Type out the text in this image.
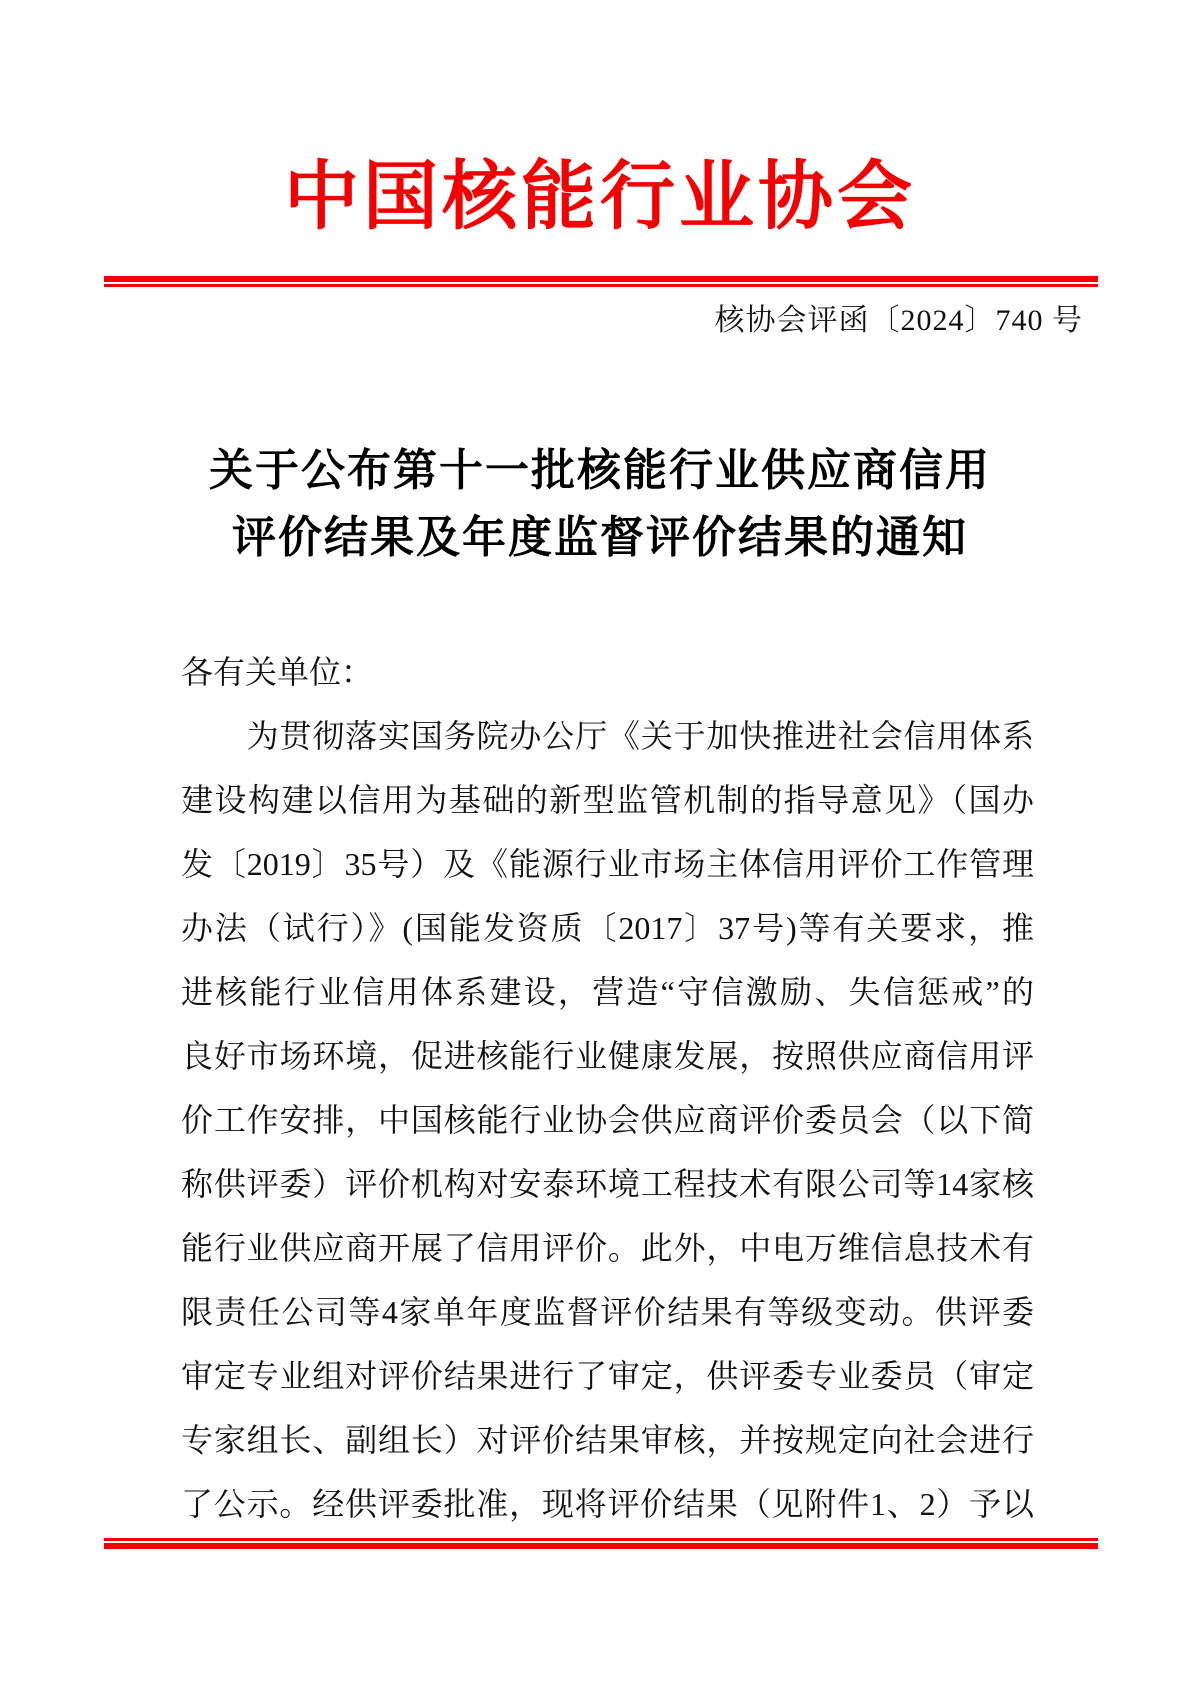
中国核能行业协会
核协会评函〔2024〕740 号
关于公布第十一批核能行业供应商信用
评价结果及年度监督评价结果的通知
各有关单位：
　　为贯彻落实国务院办公厅《关于加快推进社会信用体系
建设构建以信用为基础的新型监管机制的指导意见》（国办
发〔2019〕35号）及《能源行业市场主体信用评价工作管理
办法（试行）》(国能发资质〔2017〕37号)等有关要求，推
进核能行业信用体系建设，营造“守信激励、失信惩戒”的
良好市场环境，促进核能行业健康发展，按照供应商信用评
价工作安排，中国核能行业协会供应商评价委员会（以下简
称供评委）评价机构对安泰环境工程技术有限公司等14家核
能行业供应商开展了信用评价。此外，中电万维信息技术有
限责任公司等4家单年度监督评价结果有等级变动。供评委
审定专业组对评价结果进行了审定，供评委专业委员（审定
专家组长、副组长）对评价结果审核，并按规定向社会进行
了公示。经供评委批准，现将评价结果（见附件1、2）予以
